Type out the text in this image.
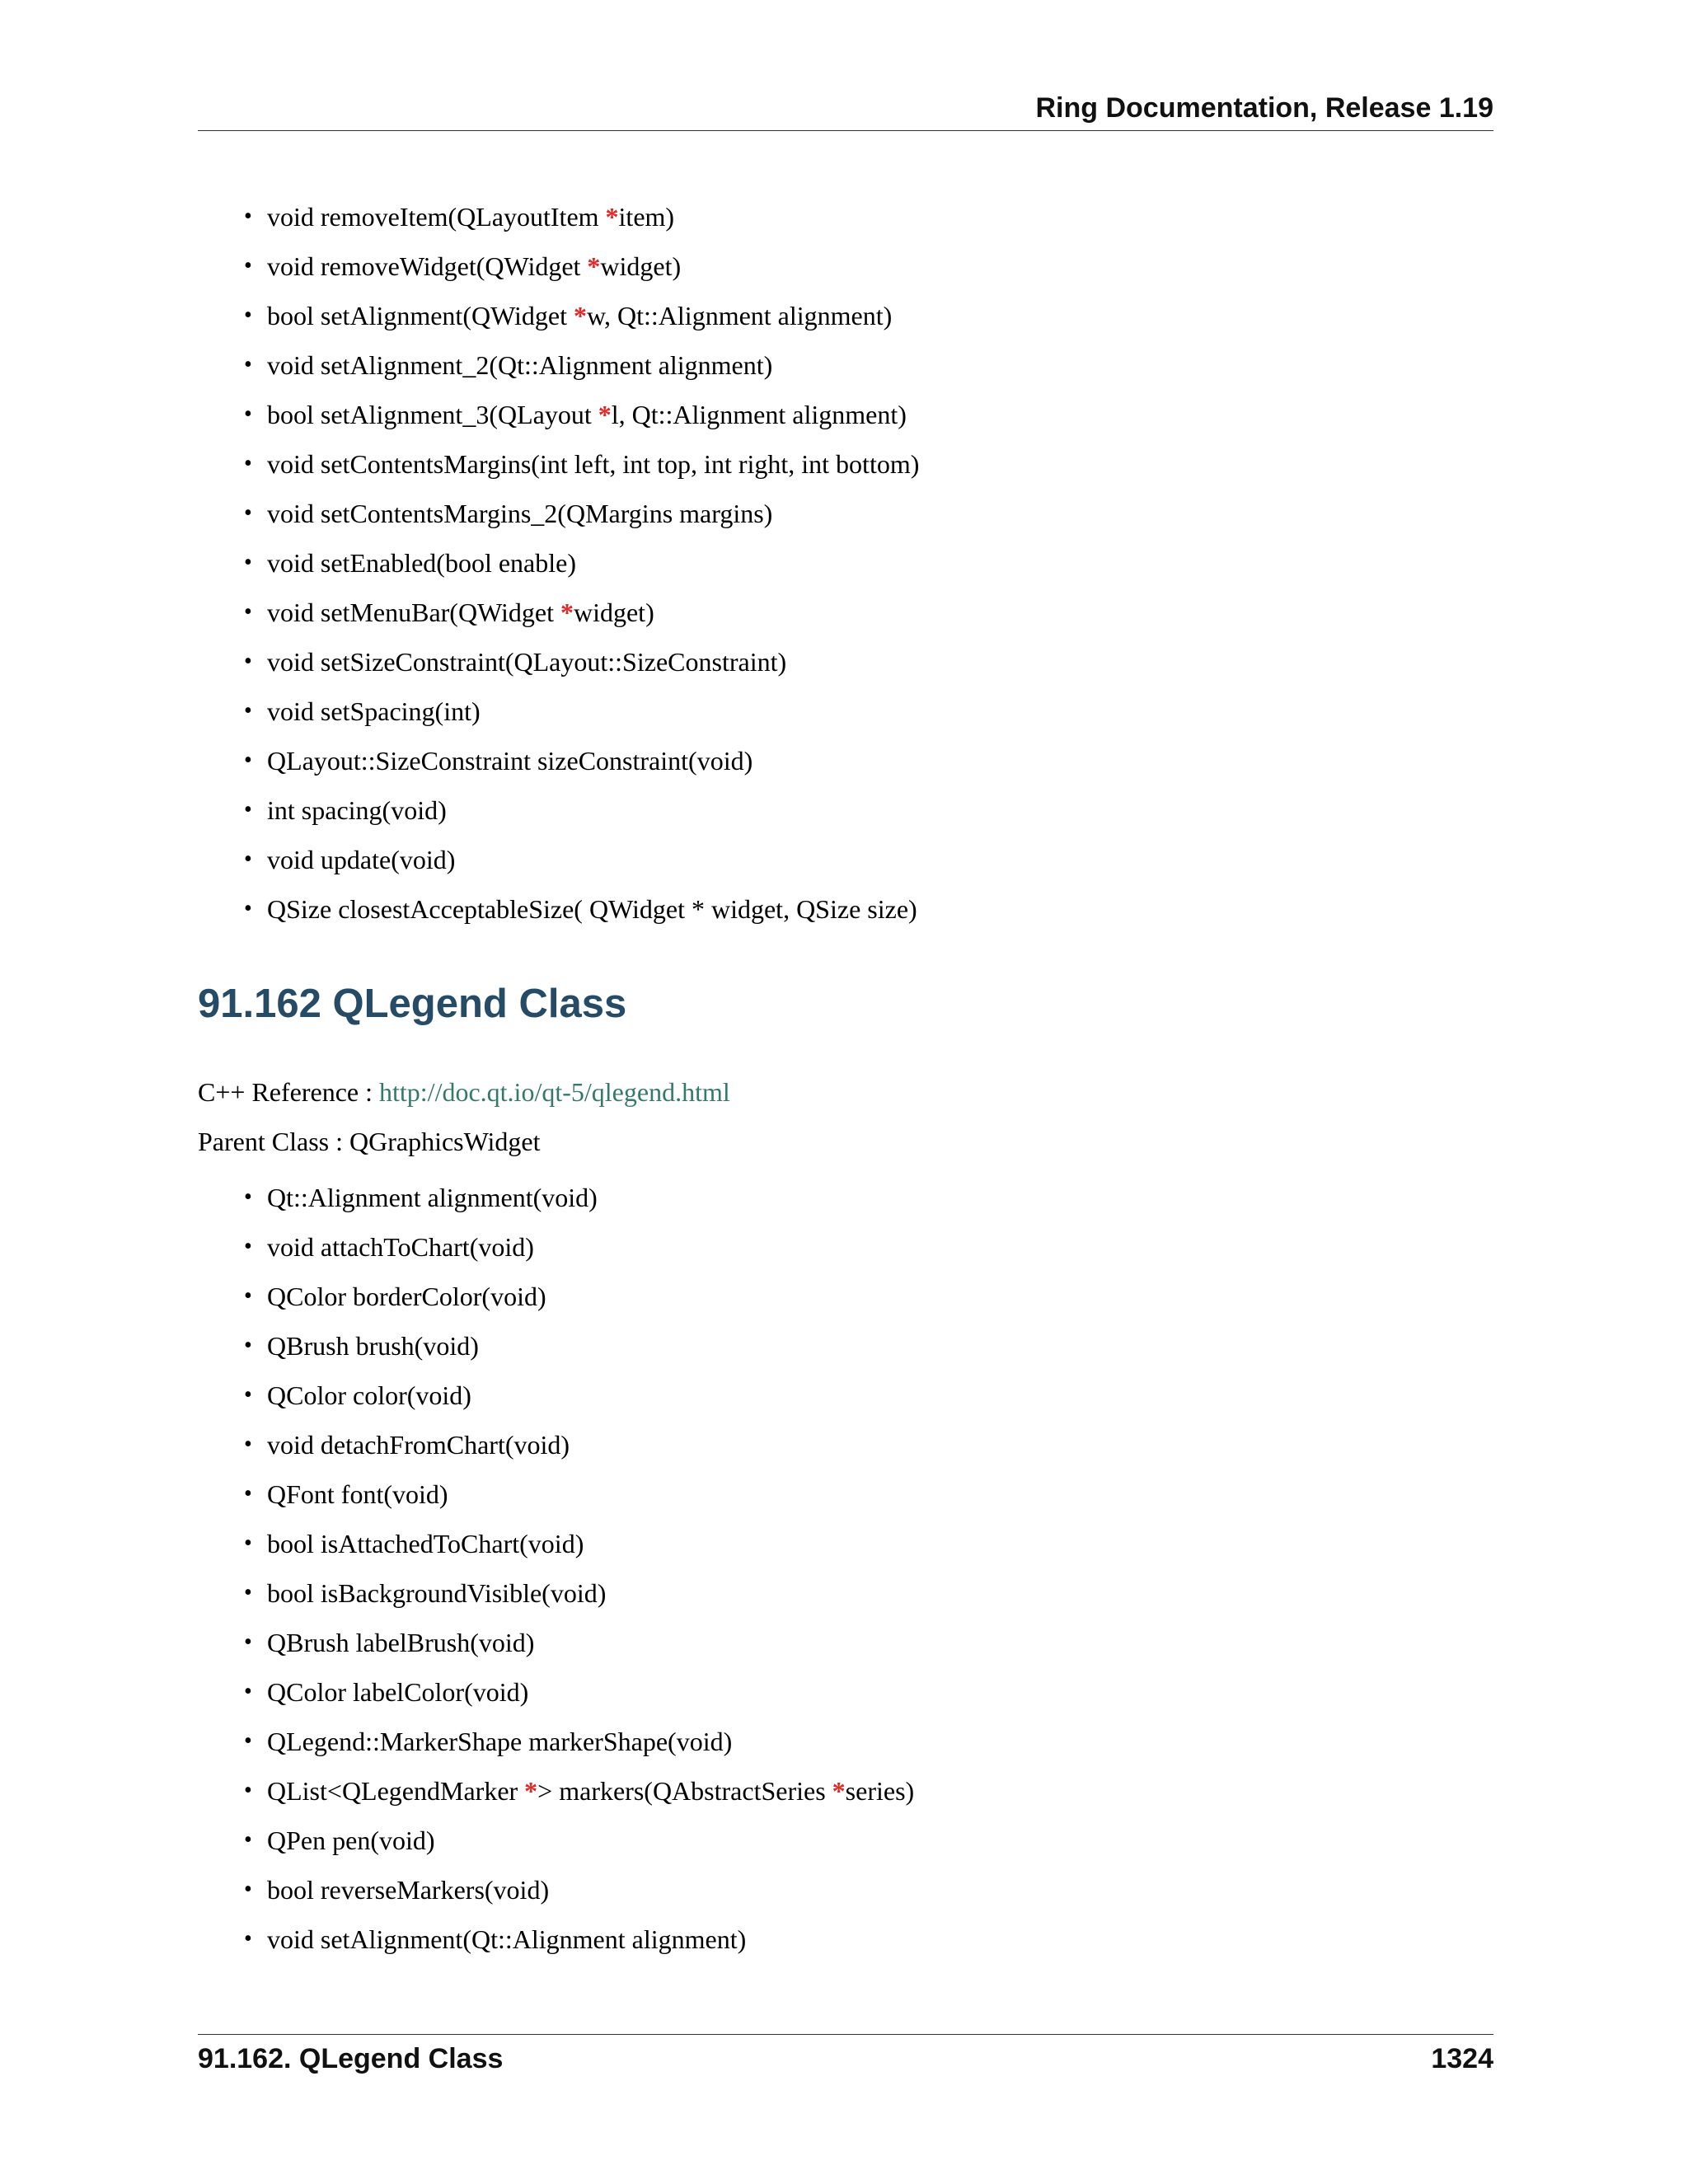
Ring Documentation, Release 1.19
• void removeItem(QLayoutItem *item)
• void removeWidget(QWidget *widget)
• bool setAlignment(QWidget *w, Qt::Alignment alignment)
• void setAlignment_2(Qt::Alignment alignment)
• bool setAlignment_3(QLayout *l, Qt::Alignment alignment)
• void setContentsMargins(int left, int top, int right, int bottom)
• void setContentsMargins_2(QMargins margins)
• void setEnabled(bool enable)
• void setMenuBar(QWidget *widget)
• void setSizeConstraint(QLayout::SizeConstraint)
• void setSpacing(int)
• QLayout::SizeConstraint sizeConstraint(void)
• int spacing(void)
• void update(void)
• QSize closestAcceptableSize( QWidget * widget, QSize size)
91.162 QLegend Class
C++ Reference : http://doc.qt.io/qt-5/qlegend.html
Parent Class : QGraphicsWidget
• Qt::Alignment alignment(void)
• void attachToChart(void)
• QColor borderColor(void)
• QBrush brush(void)
• QColor color(void)
• void detachFromChart(void)
• QFont font(void)
• bool isAttachedToChart(void)
• bool isBackgroundVisible(void)
• QBrush labelBrush(void)
• QColor labelColor(void)
• QLegend::MarkerShape markerShape(void)
• QList<QLegendMarker *> markers(QAbstractSeries *series)
• QPen pen(void)
• bool reverseMarkers(void)
• void setAlignment(Qt::Alignment alignment)
91.162. QLegend Class	1324
